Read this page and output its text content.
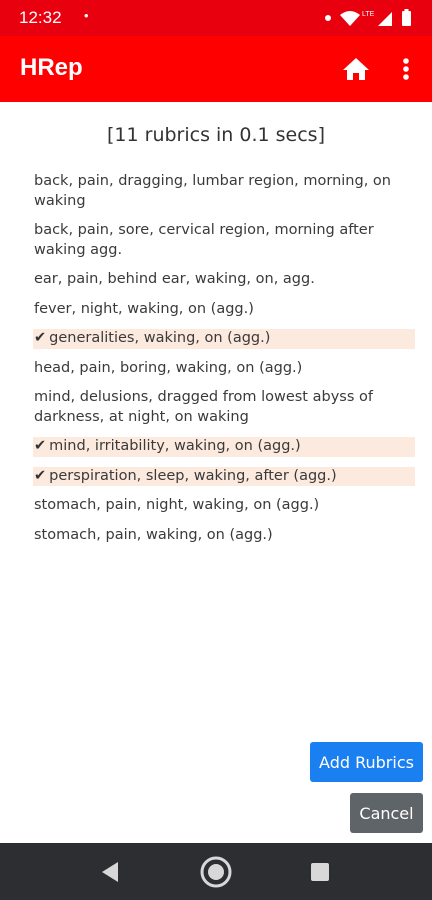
12:32 •	LTE
HRep
[11 rubrics in 0.1 secs]
back, pain, dragging, lumbar region, morning, on waking
back, pain, sore, cervical region, morning after waking agg.
ear, pain, behind ear, waking, on, agg.
fever, night, waking, on (agg.)
✔ generalities, waking, on (agg.)
head, pain, boring, waking, on (agg.)
mind, delusions, dragged from lowest abyss of darkness, at night, on waking
✔ mind, irritability, waking, on (agg.)
✔ perspiration, sleep, waking, after (agg.)
stomach, pain, night, waking, on (agg.)
stomach, pain, waking, on (agg.)
Add Rubrics
Cancel
